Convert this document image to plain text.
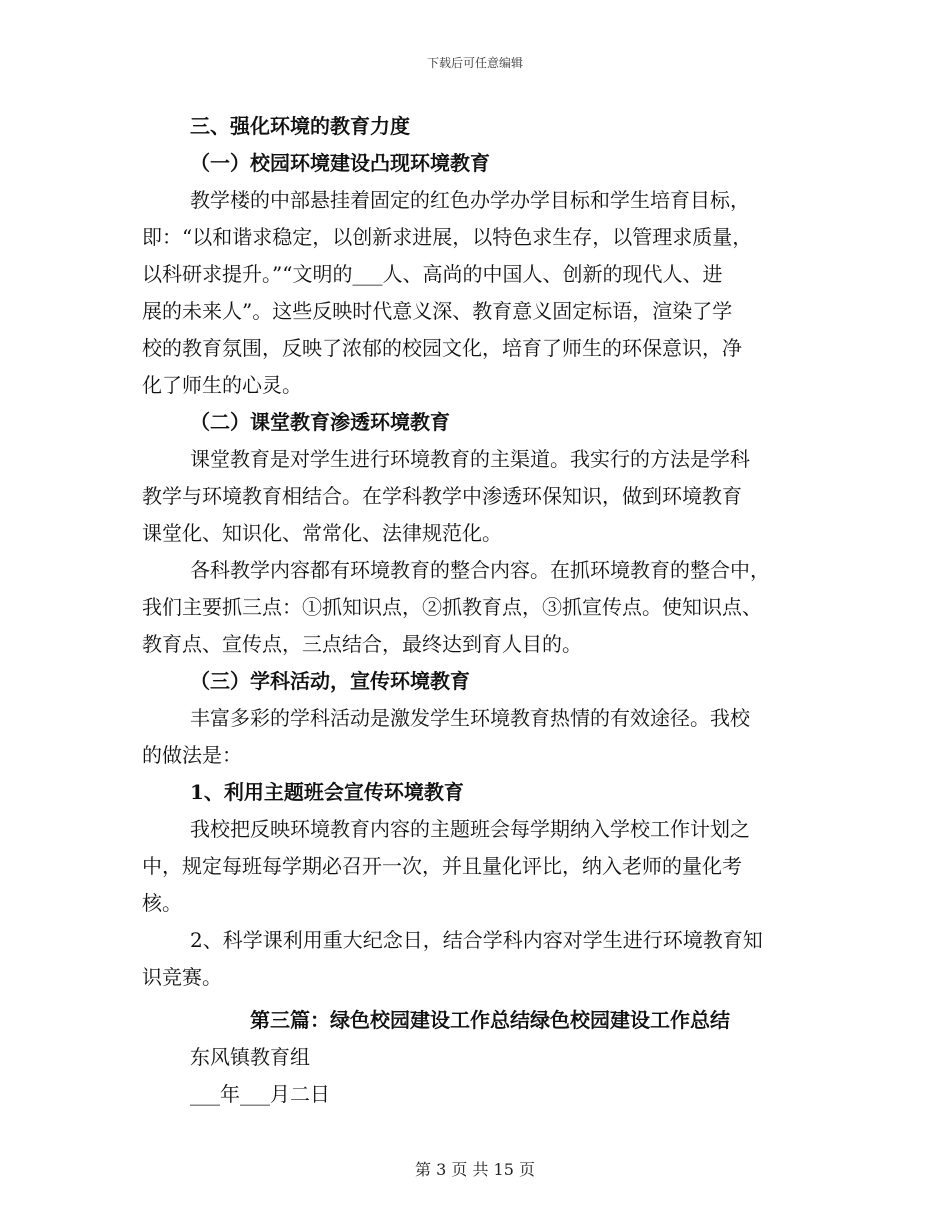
下载后可任意编辑
三、强化环境的教育力度
（一）校园环境建设凸现环境教育
教学楼的中部悬挂着固定的红色办学办学目标和学生培育目标，
即：“以和谐求稳定，以创新求进展，以特色求生存，以管理求质量，
以科研求提升。”“文明的___人、高尚的中国人、创新的现代人、进
展的未来人”。这些反映时代意义深、教育意义固定标语，渲染了学
校的教育氛围，反映了浓郁的校园文化，培育了师生的环保意识，净
化了师生的心灵。
（二）课堂教育渗透环境教育
课堂教育是对学生进行环境教育的主渠道。我实行的方法是学科
教学与环境教育相结合。在学科教学中渗透环保知识，做到环境教育
课堂化、知识化、常常化、法律规范化。
各科教学内容都有环境教育的整合内容。在抓环境教育的整合中，
我们主要抓三点：①抓知识点，②抓教育点，③抓宣传点。使知识点、
教育点、宣传点，三点结合，最终达到育人目的。
（三）学科活动，宣传环境教育
丰富多彩的学科活动是激发学生环境教育热情的有效途径。我校
的做法是：
1、利用主题班会宣传环境教育
我校把反映环境教育内容的主题班会每学期纳入学校工作计划之
中，规定每班每学期必召开一次，并且量化评比，纳入老师的量化考
核。
2、科学课利用重大纪念日，结合学科内容对学生进行环境教育知
识竞赛。
第三篇：绿色校园建设工作总结绿色校园建设工作总结
东风镇教育组
___年___月二日
第 3 页 共 15 页
